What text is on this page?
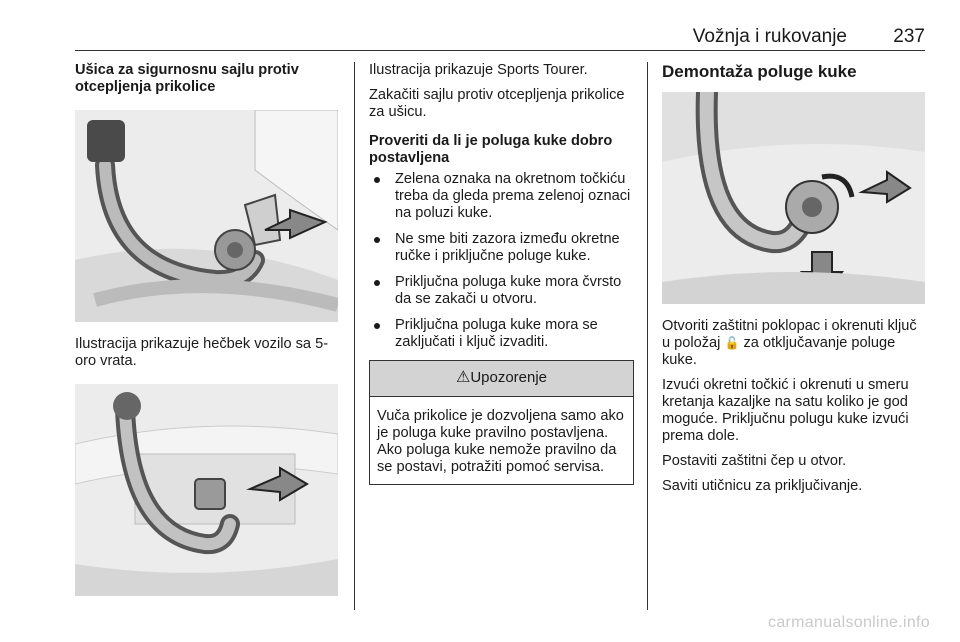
Vožnja i rukovanje 237
Ušica za sigurnosnu sajlu protiv otcepljenja prikolice

Ilustracija prikazuje hečbek vozilo sa 5-oro vrata.

Ilustracija prikazuje Sports Tourer.

Zakačiti sajlu protiv otcepljenja prikolice za ušicu.

Proveriti da li je poluga kuke dobro postavljena
Zelena oznaka na okretnom točkiću treba da gleda prema zelenoj oznaci na poluzi kuke.
Ne sme biti zazora između okretne ručke i priključne poluge kuke.
Priključna poluga kuke mora čvrsto da se zakači u otvoru.
Priključna poluga kuke mora se zaključati i ključ izvaditi.
⚠Upozorenje
Vuča prikolice je dozvoljena samo ako je poluga kuke pravilno postavljena. Ako poluga kuke nemože pravilno da se postavi, potražiti pomoć servisa.
Demontaža poluge kuke

Otvoriti zaštitni poklopac i okrenuti ključ u položaj 🔓 za otključavanje poluge kuke.

Izvući okretni točkić i okrenuti u smeru kretanja kazaljke na satu koliko je god moguće. Priključnu polugu kuke izvući prema dole.

Postaviti zaštitni čep u otvor.

Saviti utičnicu za priključivanje.

carmanualsonline.info
